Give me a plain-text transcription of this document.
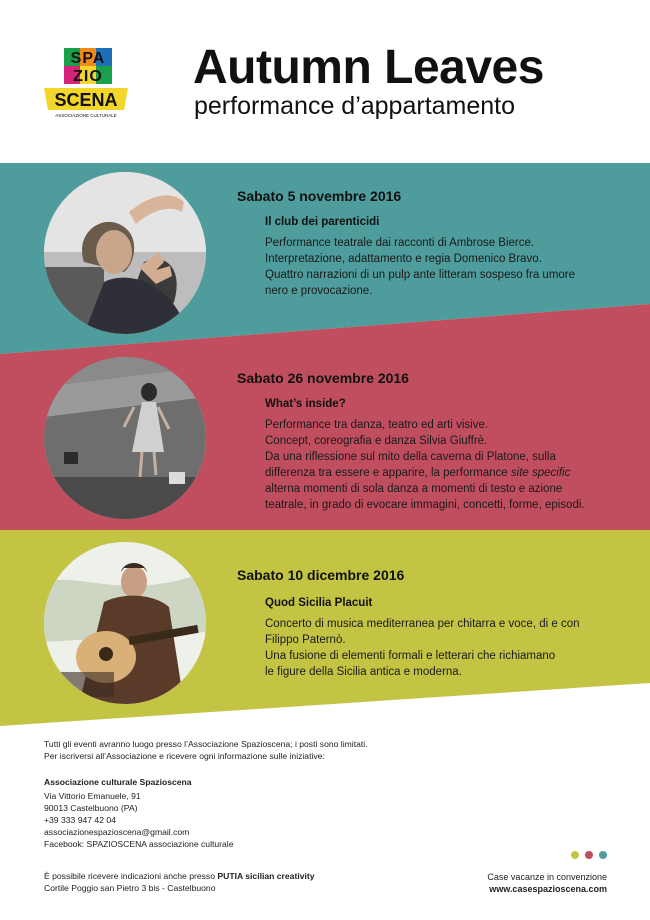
SPA
ZIO
SCENA
ASSOCIAZIONE CULTURALE
Autumn Leaves
performance d’appartamento
Sabato 5 novembre 2016
Il club dei parenticidi
Performance teatrale dai racconti di Ambrose Bierce.
Interpretazione, adattamento e regia Domenico Bravo.
Quattro narrazioni di un pulp ante litteram sospeso fra umore
nero e provocazione.
Sabato 26 novembre 2016
What’s inside?
Performance tra danza, teatro ed arti visive.
Concept, coreografia e danza Silvia Giuffrè.
Da una riflessione sul mito della caverna di Platone, sulla
differenza tra essere e apparire, la performance site specific
alterna momenti di sola danza a momenti di testo e azione
teatrale, in grado di evocare immagini, concetti, forme, episodi.
Sabato 10 dicembre 2016
Quod Sicilia Placuit
Concerto di musica mediterranea per chitarra e voce, di e con
Filippo Paternò.
Una fusione di elementi formali e letterari che richiamano
le figure della Sicilia antica e moderna.
Tutti gli eventi avranno luogo presso l’Associazione Spazioscena; i posti sono limitati.
Per iscriversi all’Associazione e ricevere ogni informazione sulle iniziative:
Associazione culturale Spazioscena
Via Vittorio Emanuele, 91
90013 Castelbuono (PA)
+39 333 947 42 04
associazionespazioscena@gmail.com
Facebook: SPAZIOSCENA associazione culturale
È possibile ricevere indicazioni anche presso PUTIA sicilian creativity
Cortile Poggio san Pietro 3 bis - Castelbuono
Case vacanze in convenzione
www.casespazioscena.com
